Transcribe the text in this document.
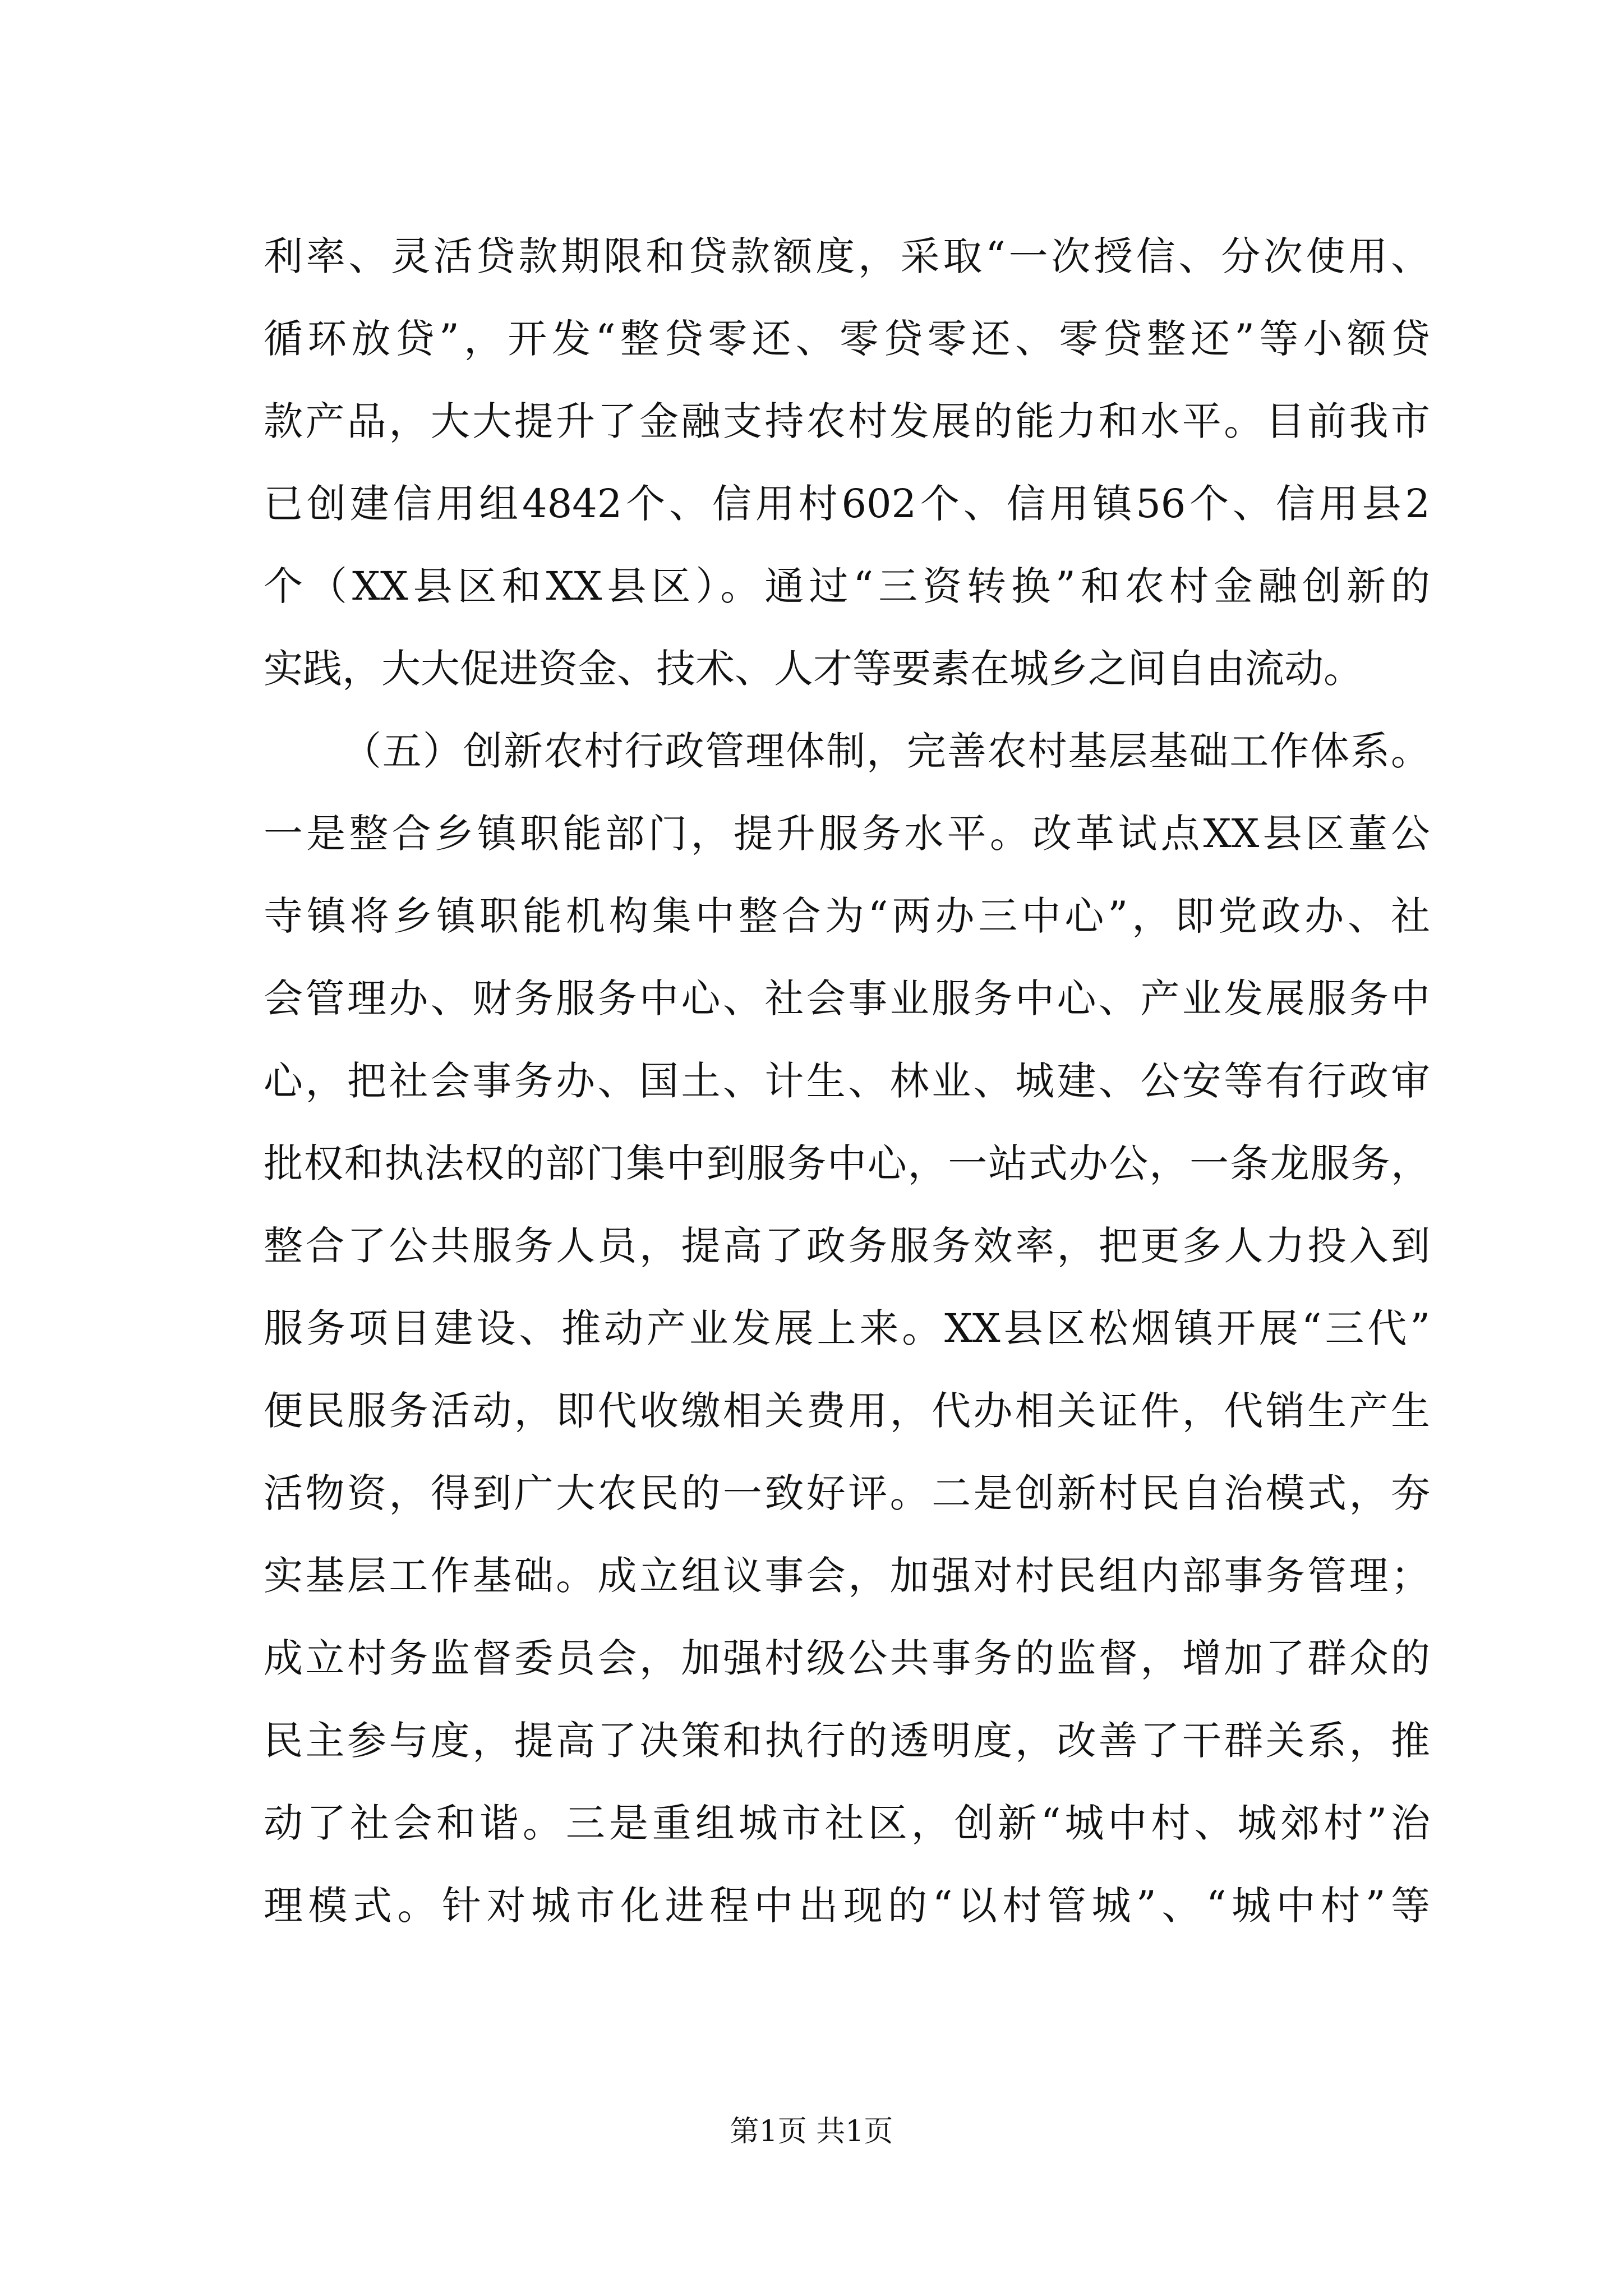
利率、灵活贷款期限和贷款额度，采取“一次授信、分次使用、
循环放贷”，开发“整贷零还、零贷零还、零贷整还”等小额贷
款产品，大大提升了金融支持农村发展的能力和水平。目前我市
已创建信用组4842个、信用村602个、信用镇56个、信用县2
个（XX县区和XX县区）。通过“三资转换”和农村金融创新的
实践，大大促进资金、技术、人才等要素在城乡之间自由流动。
（五）创新农村行政管理体制，完善农村基层基础工作体系。
一是整合乡镇职能部门，提升服务水平。改革试点XX县区董公
寺镇将乡镇职能机构集中整合为“两办三中心”，即党政办、社
会管理办、财务服务中心、社会事业服务中心、产业发展服务中
心，把社会事务办、国土、计生、林业、城建、公安等有行政审
批权和执法权的部门集中到服务中心，一站式办公，一条龙服务，
整合了公共服务人员，提高了政务服务效率，把更多人力投入到
服务项目建设、推动产业发展上来。XX县区松烟镇开展“三代”
便民服务活动，即代收缴相关费用，代办相关证件，代销生产生
活物资，得到广大农民的一致好评。二是创新村民自治模式，夯
实基层工作基础。成立组议事会，加强对村民组内部事务管理；
成立村务监督委员会，加强村级公共事务的监督，增加了群众的
民主参与度，提高了决策和执行的透明度，改善了干群关系，推
动了社会和谐。三是重组城市社区，创新“城中村、城郊村”治
理模式。针对城市化进程中出现的“以村管城”、“城中村”等
第1页 共1页
